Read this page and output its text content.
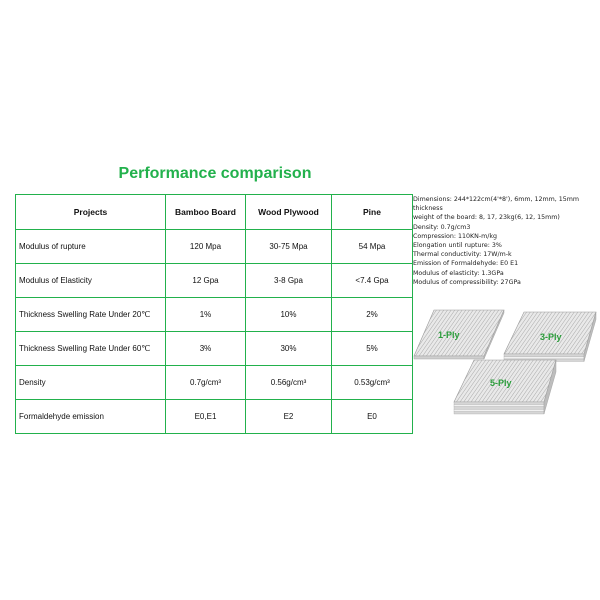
Performance comparison
Projects	Bamboo Board	Wood Plywood	Pine
Modulus of rupture	120 Mpa	30-75 Mpa	54 Mpa
Modulus of Elasticity	12 Gpa	3-8 Gpa	<7.4 Gpa
Thickness Swelling Rate Under 20℃	1%	10%	2%
Thickness Swelling Rate Under 60℃	3%	30%	5%
Density	0.7g/cm³	0.56g/cm³	0.53g/cm³
Formaldehyde emission	E0,E1	E2	E0
Dimensions: 244*122cm(4'*8'), 6mm, 12mm, 15mm
thickness
weight of the board: 8, 17, 23kg(6, 12, 15mm)
Density: 0.7g/cm3
Compression: 110KN-m/kg
Elongation until rupture: 3%
Thermal conductivity: 17W/m-k
Emission of Formaldehyde: E0 E1
Modulus of elasticity: 1.3GPa
Modulus of compressibility: 27GPa
1-Ply	3-Ply
5-Ply
